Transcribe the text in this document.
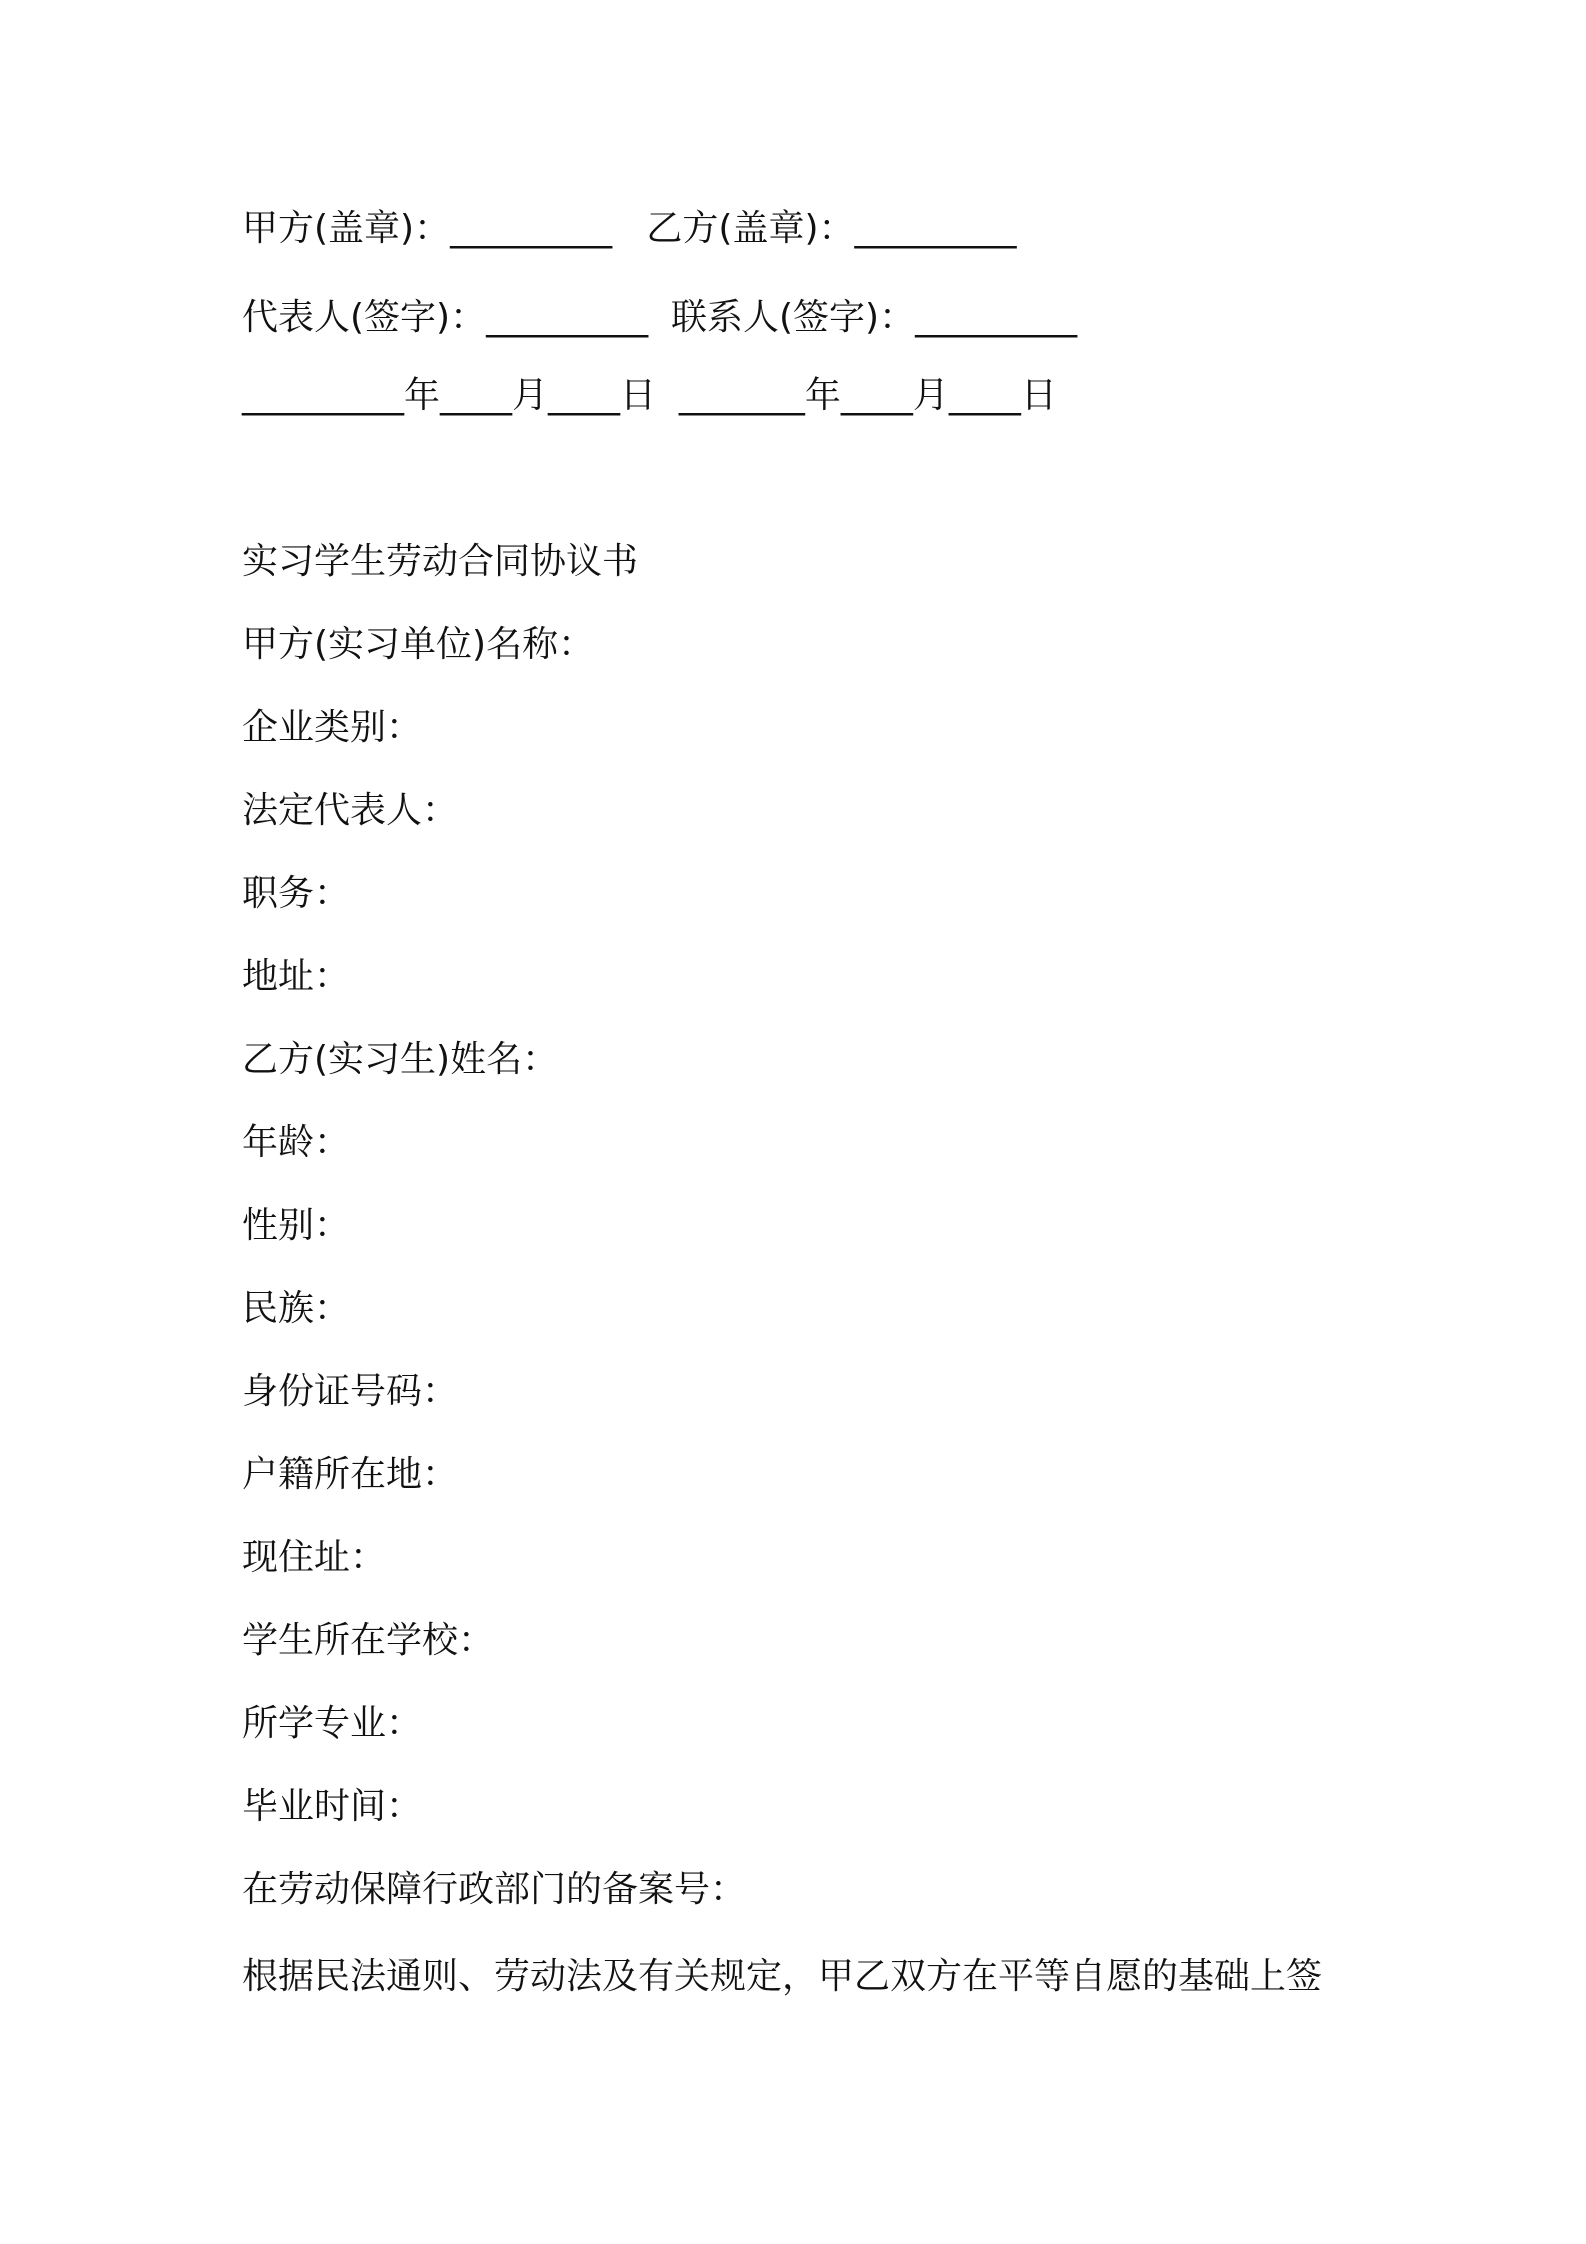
甲方(盖章)：_________   乙方(盖章)：_________
代表人(签字)：_________  联系人(签字)：_________
_________年____月____日  _______年____月____日
实习学生劳动合同协议书
甲方(实习单位)名称：
企业类别：
法定代表人：
职务：
地址：
乙方(实习生)姓名：
年龄：
性别：
民族：
身份证号码：
户籍所在地：
现住址：
学生所在学校：
所学专业：
毕业时间：
在劳动保障行政部门的备案号：
根据民法通则、劳动法及有关规定，甲乙双方在平等自愿的基础上签
